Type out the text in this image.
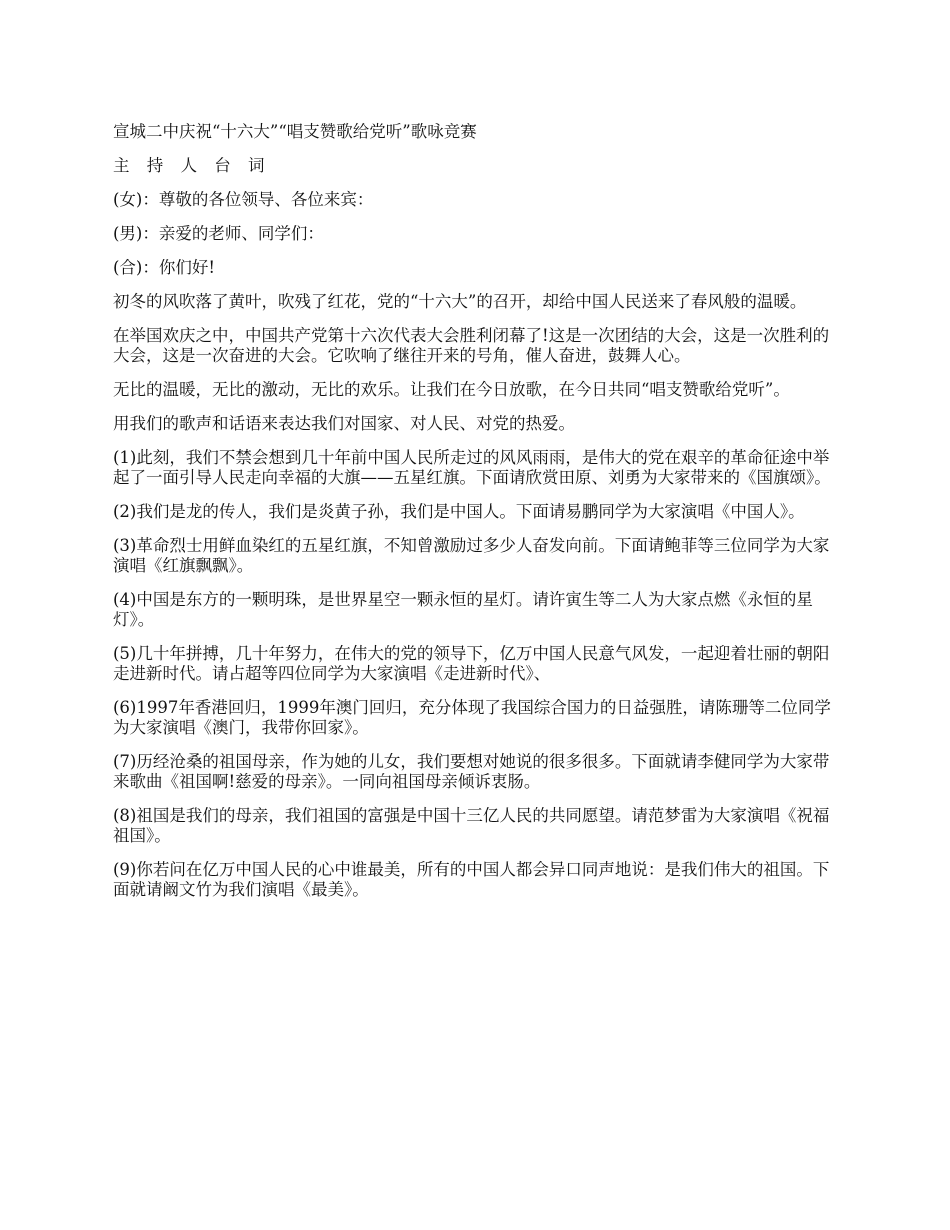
宣城二中庆祝“十六大”“唱支赞歌给党听”歌咏竞赛

主 持 人 台 词

(女)：尊敬的各位领导、各位来宾：

(男)：亲爱的老师、同学们：

(合)：你们好!

初冬的风吹落了黄叶，吹残了红花，党的“十六大”的召开，却给中国人民送来了春风般的温暖。

在举国欢庆之中，中国共产党第十六次代表大会胜利闭幕了!这是一次团结的大会，这是一次胜利的大会，这是一次奋进的大会。它吹响了继往开来的号角，催人奋进，鼓舞人心。

无比的温暖，无比的激动，无比的欢乐。让我们在今日放歌，在今日共同“唱支赞歌给党听”。

用我们的歌声和话语来表达我们对国家、对人民、对党的热爱。

(1)此刻，我们不禁会想到几十年前中国人民所走过的风风雨雨，是伟大的党在艰辛的革命征途中举起了一面引导人民走向幸福的大旗——五星红旗。下面请欣赏田原、刘勇为大家带来的《国旗颂》。

(2)我们是龙的传人，我们是炎黄子孙，我们是中国人。下面请易鹏同学为大家演唱《中国人》。

(3)革命烈士用鲜血染红的五星红旗，不知曾激励过多少人奋发向前。下面请鲍菲等三位同学为大家演唱《红旗飘飘》。

(4)中国是东方的一颗明珠，是世界星空一颗永恒的星灯。请许寅生等二人为大家点燃《永恒的星灯》。

(5)几十年拼搏，几十年努力，在伟大的党的领导下，亿万中国人民意气风发，一起迎着壮丽的朝阳走进新时代。请占超等四位同学为大家演唱《走进新时代》、

(6)1997年香港回归，1999年澳门回归，充分体现了我国综合国力的日益强胜，请陈珊等二位同学为大家演唱《澳门，我带你回家》。

(7)历经沧桑的祖国母亲，作为她的儿女，我们要想对她说的很多很多。下面就请李健同学为大家带来歌曲《祖国啊!慈爱的母亲》。一同向祖国母亲倾诉衷肠。

(8)祖国是我们的母亲，我们祖国的富强是中国十三亿人民的共同愿望。请范梦雷为大家演唱《祝福祖国》。

(9)你若问在亿万中国人民的心中谁最美，所有的中国人都会异口同声地说：是我们伟大的祖国。下面就请阚文竹为我们演唱《最美》。
